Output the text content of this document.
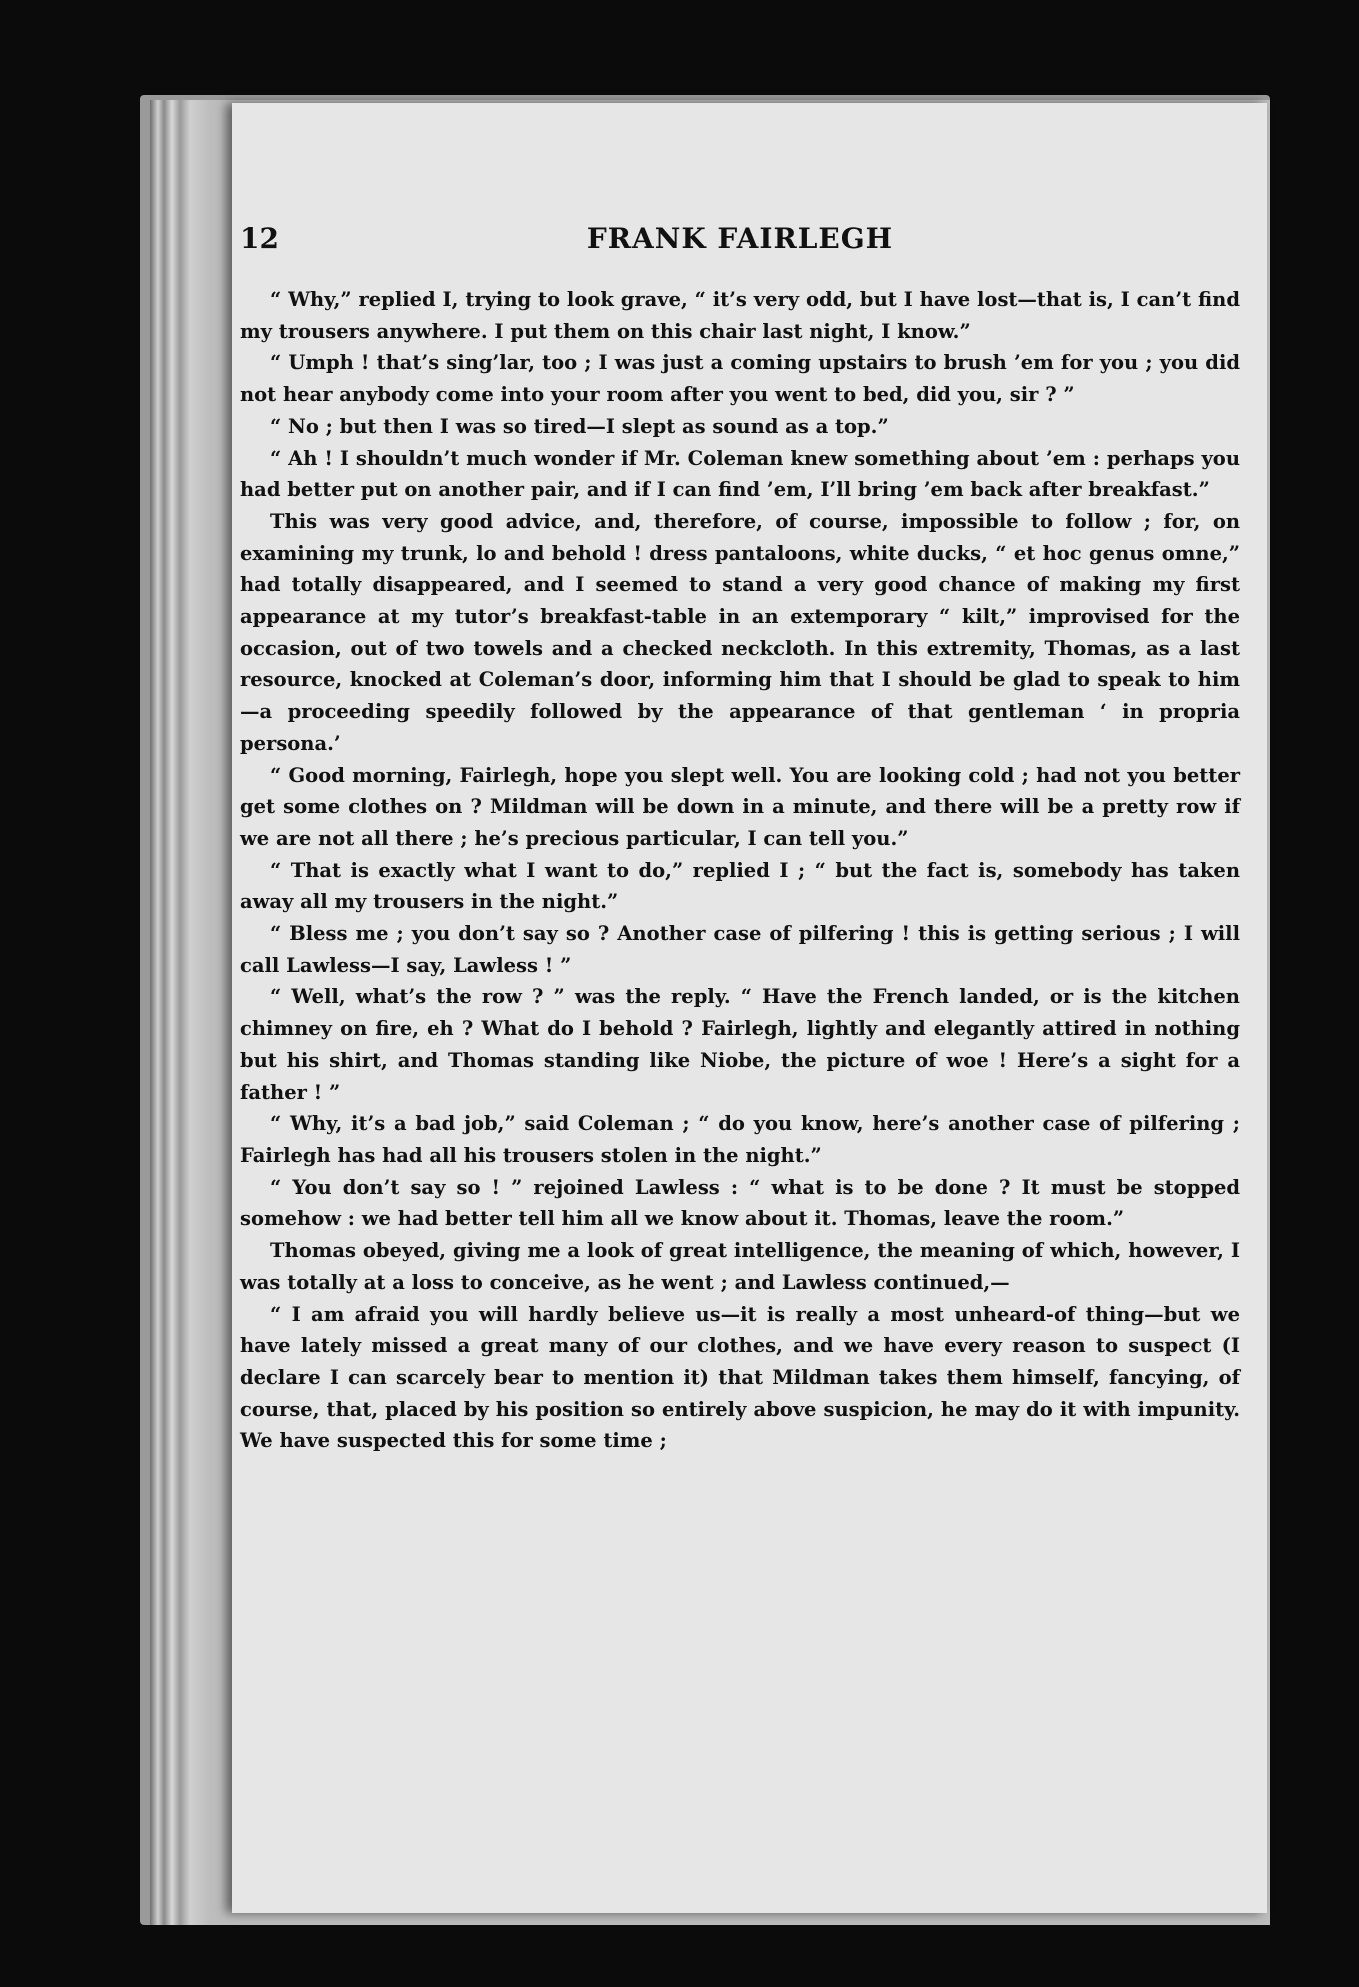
12	FRANK FAIRLEGH

“ Why,” replied I, trying to look grave, “ it’s very odd, but I have lost—that is, I can’t find my trousers anywhere. I put them on this chair last night, I know.”

“ Umph ! that’s sing’lar, too ; I was just a coming upstairs to brush ’em for you ; you did not hear anybody come into your room after you went to bed, did you, sir ? ”

“ No ; but then I was so tired—I slept as sound as a top.”

“ Ah ! I shouldn’t much wonder if Mr. Coleman knew something about ’em : perhaps you had better put on another pair, and if I can find ’em, I’ll bring ’em back after breakfast.”

This was very good advice, and, therefore, of course, impossible to follow ; for, on examining my trunk, lo and behold ! dress pantaloons, white ducks, “ et hoc genus omne,” had totally disappeared, and I seemed to stand a very good chance of making my first appearance at my tutor’s breakfast-table in an extemporary “ kilt,” improvised for the occasion, out of two towels and a checked neckcloth. In this extremity, Thomas, as a last resource, knocked at Coleman’s door, informing him that I should be glad to speak to him—a proceeding speedily followed by the appearance of that gentleman ‘ in propria persona.’

“ Good morning, Fairlegh, hope you slept well. You are looking cold ; had not you better get some clothes on ? Mildman will be down in a minute, and there will be a pretty row if we are not all there ; he’s precious particular, I can tell you.”

“ That is exactly what I want to do,” replied I ; “ but the fact is, somebody has taken away all my trousers in the night.”

“ Bless me ; you don’t say so ? Another case of pilfering ! this is getting serious ; I will call Lawless—I say, Lawless ! ”

“ Well, what’s the row ? ” was the reply. “ Have the French landed, or is the kitchen chimney on fire, eh ? What do I behold ? Fairlegh, lightly and elegantly attired in nothing but his shirt, and Thomas standing like Niobe, the picture of woe ! Here’s a sight for a father ! ”

“ Why, it’s a bad job,” said Coleman ; “ do you know, here’s another case of pilfering ; Fairlegh has had all his trousers stolen in the night.”

“ You don’t say so ! ” rejoined Lawless : “ what is to be done ? It must be stopped somehow : we had better tell him all we know about it. Thomas, leave the room.”

Thomas obeyed, giving me a look of great intelligence, the meaning of which, however, I was totally at a loss to conceive, as he went ; and Lawless continued,—

“ I am afraid you will hardly believe us—it is really a most unheard-of thing—but we have lately missed a great many of our clothes, and we have every reason to suspect (I declare I can scarcely bear to mention it) that Mildman takes them himself, fancying, of course, that, placed by his position so entirely above suspicion, he may do it with impunity. We have suspected this for some time ;
